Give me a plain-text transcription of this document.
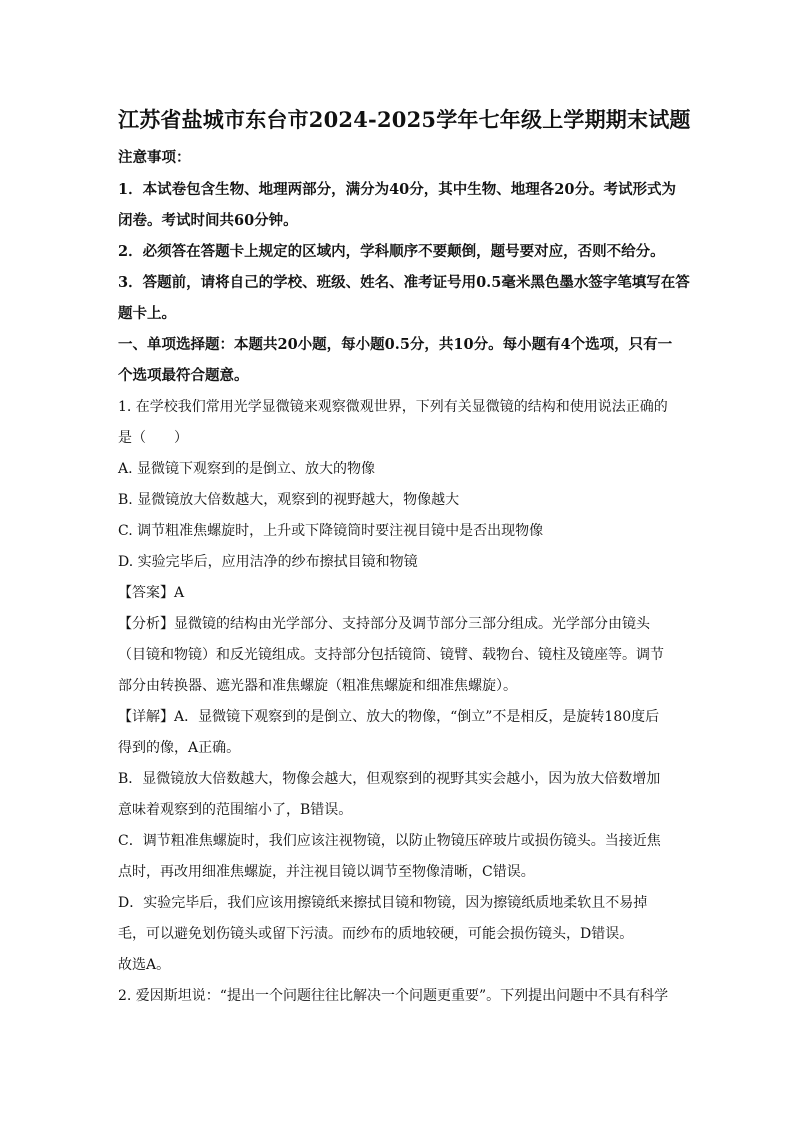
江苏省盐城市东台市2024-2025学年七年级上学期期末试题
注意事项：
1．本试卷包含生物、地理两部分，满分为40分，其中生物、地理各20分。考试形式为
闭卷。考试时间共60分钟。
2．必须答在答题卡上规定的区域内，学科顺序不要颠倒，题号要对应，否则不给分。
3．答题前，请将自己的学校、班级、姓名、准考证号用0.5毫米黑色墨水签字笔填写在答
题卡上。
一、单项选择题：本题共20小题，每小题0.5分，共10分。每小题有4个选项，只有一
个选项最符合题意。
1. 在学校我们常用光学显微镜来观察微观世界，下列有关显微镜的结构和使用说法正确的
是（　　）
A. 显微镜下观察到的是倒立、放大的物像
B. 显微镜放大倍数越大，观察到的视野越大，物像越大
C. 调节粗准焦螺旋时，上升或下降镜筒时要注视目镜中是否出现物像
D. 实验完毕后，应用洁净的纱布擦拭目镜和物镜
【答案】A
【分析】显微镜的结构由光学部分、支持部分及调节部分三部分组成。光学部分由镜头
（目镜和物镜）和反光镜组成。支持部分包括镜筒、镜臂、载物台、镜柱及镜座等。调节
部分由转换器、遮光器和准焦螺旋（粗准焦螺旋和细准焦螺旋）。
【详解】A．显微镜下观察到的是倒立、放大的物像，“倒立”不是相反，是旋转180度后
得到的像，A正确。
B．显微镜放大倍数越大，物像会越大，但观察到的视野其实会越小，因为放大倍数增加
意味着观察到的范围缩小了，B错误。
C．调节粗准焦螺旋时，我们应该注视物镜，以防止物镜压碎玻片或损伤镜头。当接近焦
点时，再改用细准焦螺旋，并注视目镜以调节至物像清晰，C错误。
D．实验完毕后，我们应该用擦镜纸来擦拭目镜和物镜，因为擦镜纸质地柔软且不易掉
毛，可以避免划伤镜头或留下污渍。而纱布的质地较硬，可能会损伤镜头，D错误。
故选A。
2. 爱因斯坦说：“提出一个问题往往比解决一个问题更重要”。下列提出问题中不具有科学
